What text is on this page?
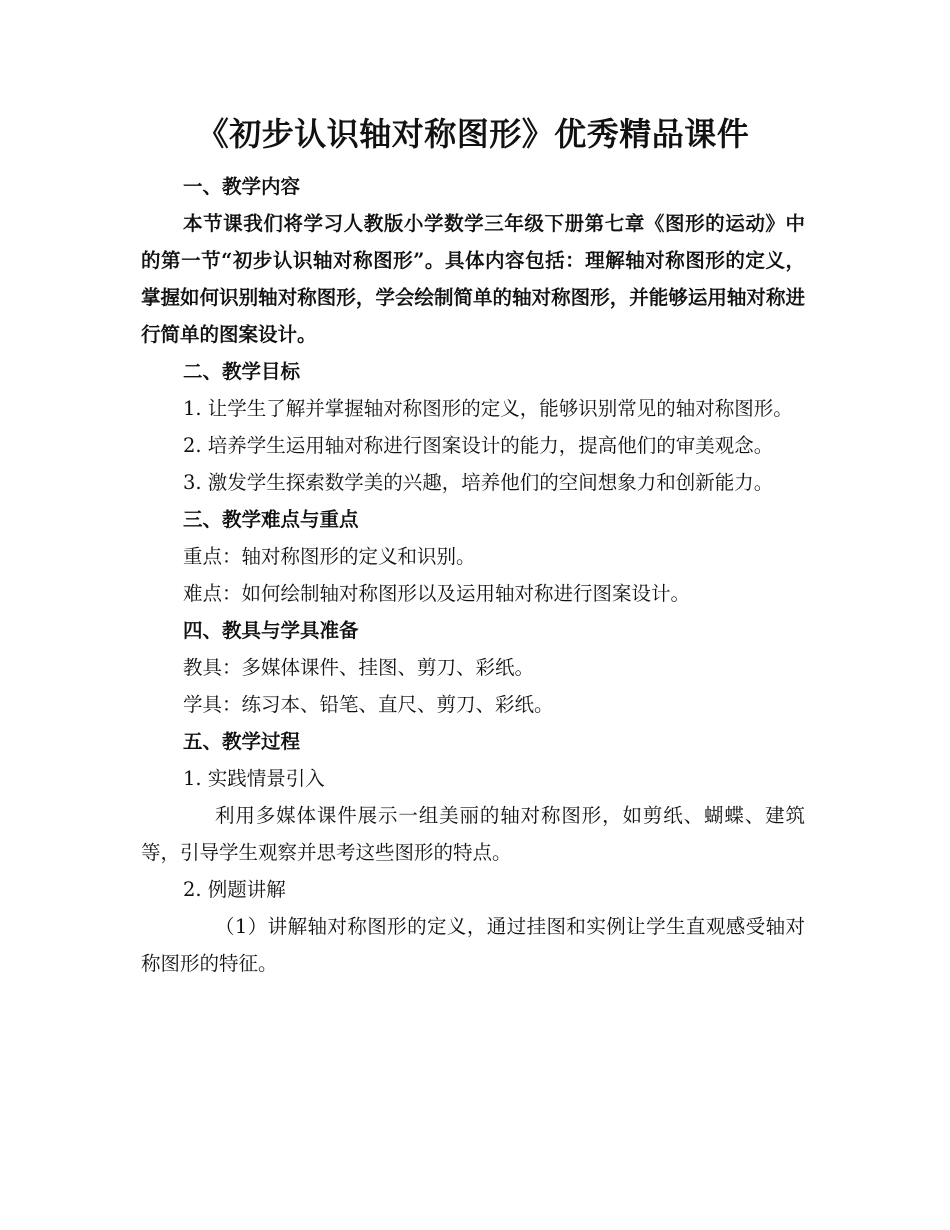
《初步认识轴对称图形》优秀精品课件

一、教学内容

本节课我们将学习人教版小学数学三年级下册第七章《图形的运动》中的第一节“初步认识轴对称图形”。具体内容包括：理解轴对称图形的定义，掌握如何识别轴对称图形，学会绘制简单的轴对称图形，并能够运用轴对称进行简单的图案设计。

二、教学目标

1. 让学生了解并掌握轴对称图形的定义，能够识别常见的轴对称图形。

2. 培养学生运用轴对称进行图案设计的能力，提高他们的审美观念。

3. 激发学生探索数学美的兴趣，培养他们的空间想象力和创新能力。

三、教学难点与重点

重点：轴对称图形的定义和识别。

难点：如何绘制轴对称图形以及运用轴对称进行图案设计。

四、教具与学具准备

教具：多媒体课件、挂图、剪刀、彩纸。

学具：练习本、铅笔、直尺、剪刀、彩纸。

五、教学过程

1. 实践情景引入

利用多媒体课件展示一组美丽的轴对称图形，如剪纸、蝴蝶、建筑等，引导学生观察并思考这些图形的特点。

2. 例题讲解

（1）讲解轴对称图形的定义，通过挂图和实例让学生直观感受轴对称图形的特征。
